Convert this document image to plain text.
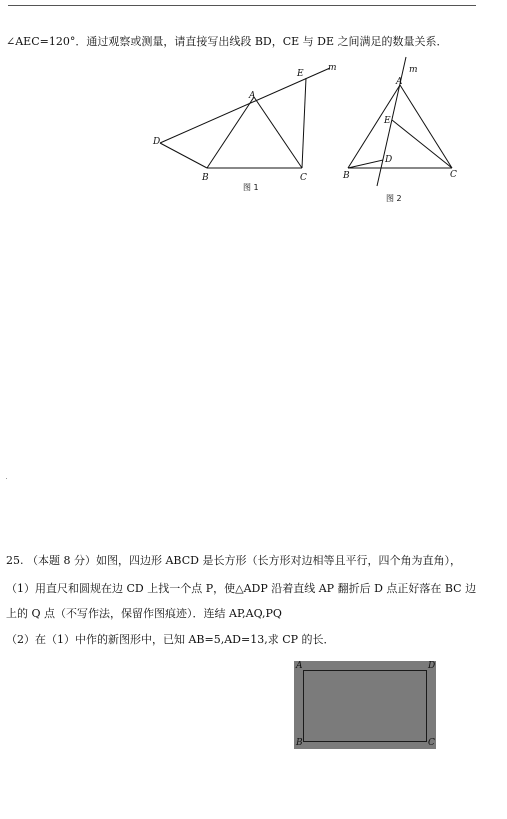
∠AEC=120°．通过观察或测量，请直接写出线段 BD，CE 与 DE 之间满足的数量关系．
A
B	C
D
E
m
图 1
A
B	C
D
E
m
图 2
25. （本题 8 分）如图，四边形 ABCD 是长方形（长方形对边相等且平行，四个角为直角），
（1）用直尺和圆规在边 CD 上找一个点 P，使△ADP 沿着直线 AP 翻折后 D 点正好落在 BC 边
上的 Q 点（不写作法，保留作图痕迹）．连结 AP,AQ,PQ
（2）在（1）中作的新图形中，已知 AB=5,AD=13,求 CP 的长．
A	D
B	C
